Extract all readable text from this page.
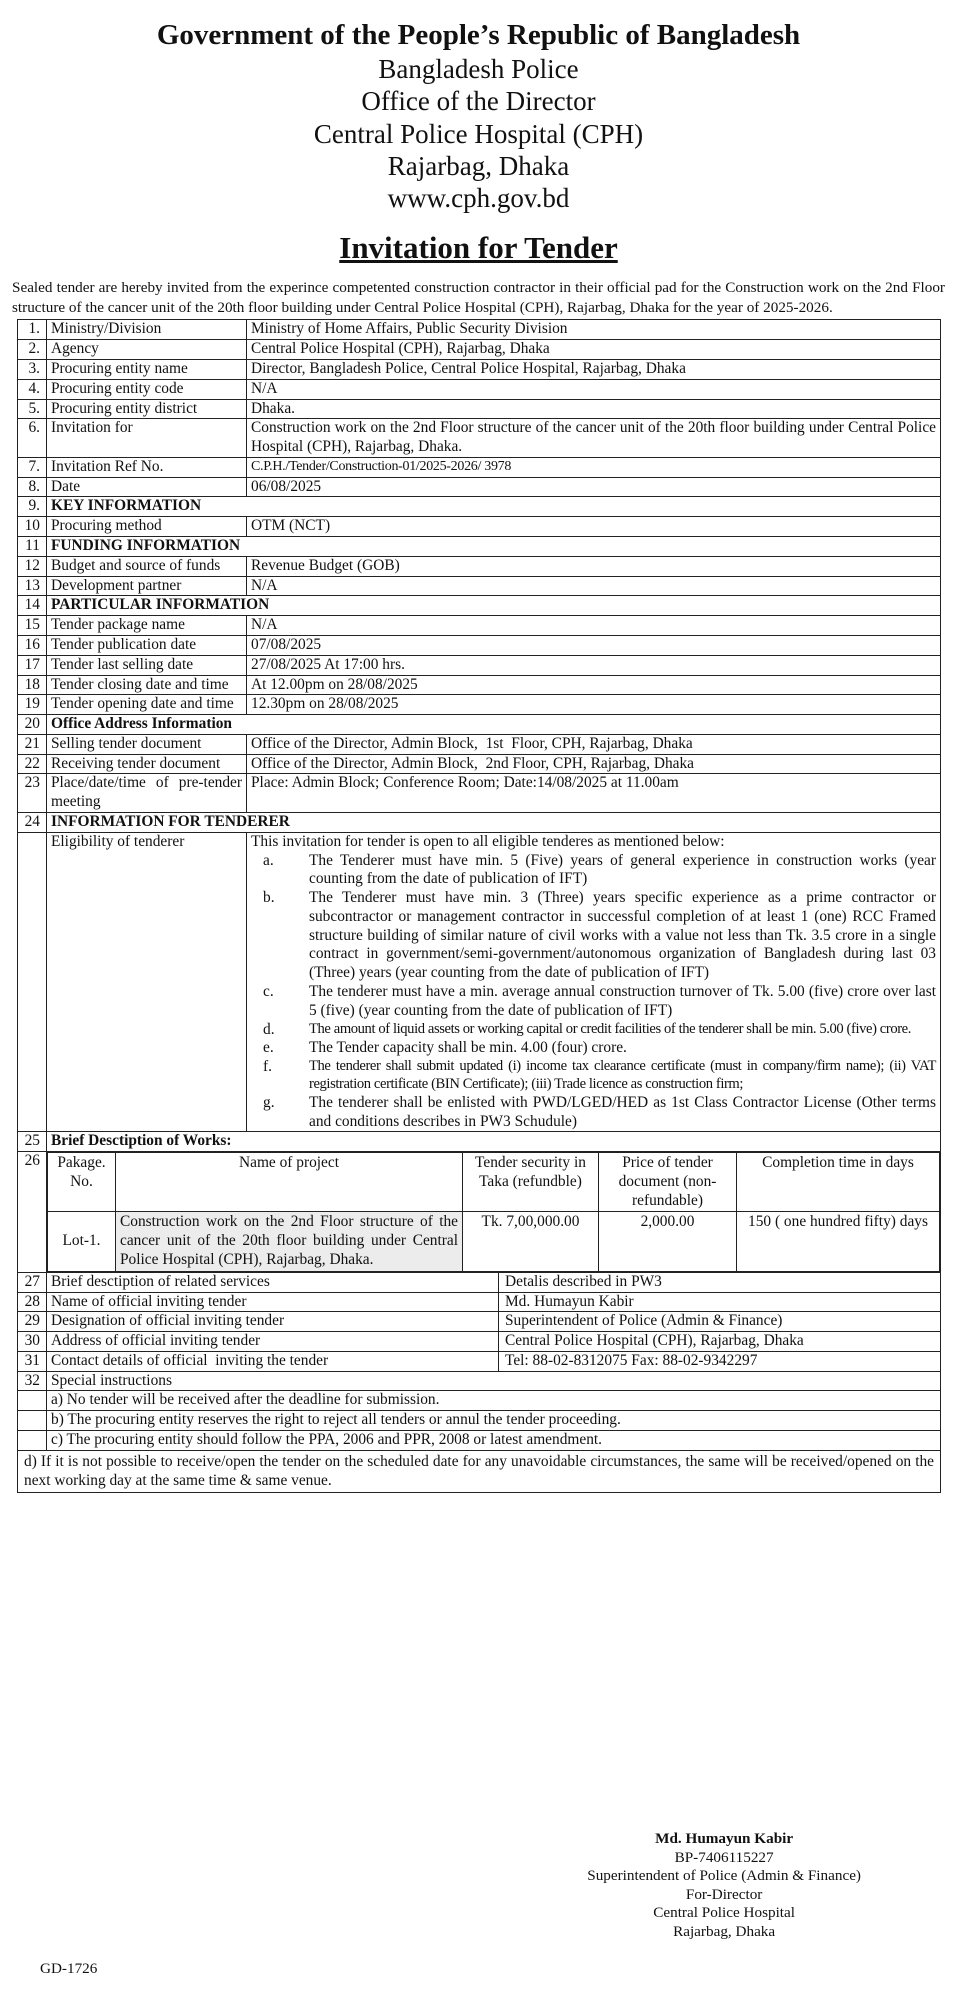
Government of the People’s Republic of Bangladesh
Bangladesh Police
Office of the Director
Central Police Hospital (CPH)
Rajarbag, Dhaka
www.cph.gov.bd
Invitation for Tender
Sealed tender are hereby invited from the experince competented construction contractor in their official pad for the Construction work on the 2nd Floor structure of the cancer unit of the 20th floor building under Central Police Hospital (CPH), Rajarbag, Dhaka for the year of 2025-2026.
1.	Ministry/Division	Ministry of Home Affairs, Public Security Division
2.	Agency	Central Police Hospital (CPH), Rajarbag, Dhaka
3.	Procuring entity name	Director, Bangladesh Police, Central Police Hospital, Rajarbag, Dhaka
4.	Procuring entity code	N/A
5.	Procuring entity district	Dhaka.
6.	Invitation for	Construction work on the 2nd Floor structure of the cancer unit of the 20th floor building under Central Police Hospital (CPH), Rajarbag, Dhaka.
7.	Invitation Ref No.	C.P.H./Tender/Construction-01/2025-2026/ 3978
8.	Date	06/08/2025
9.	KEY INFORMATION
10	Procuring method	OTM (NCT)
11	FUNDING INFORMATION
12	Budget and source of funds	Revenue Budget (GOB)
13	Development partner	N/A
14	PARTICULAR INFORMATION
15	Tender package name	N/A
16	Tender publication date	07/08/2025
17	Tender last selling date	27/08/2025 At 17:00 hrs.
18	Tender closing date and time	At 12.00pm on 28/08/2025
19	Tender opening date and time	12.30pm on 28/08/2025
20	Office Address Information
21	Selling tender document	Office of the Director, Admin Block,  1st  Floor, CPH, Rajarbag, Dhaka
22	Receiving tender document	Office of the Director, Admin Block,  2nd Floor, CPH, Rajarbag, Dhaka
23	Place/date/time of pre-tender meeting	Place: Admin Block; Conference Room; Date:14/08/2025 at 11.00am
24	INFORMATION FOR TENDERER
	Eligibility of tenderer	This invitation for tender is open to all eligible tenderes as mentioned below:
a.	The Tenderer must have min. 5 (Five) years of general experience in construction works (year counting from the date of publication of IFT)
b.	The Tenderer must have min. 3 (Three) years specific experience as a prime contractor or subcontractor or management contractor in successful completion of at least 1 (one) RCC Framed structure building of similar nature of civil works with a value not less than Tk. 3.5 crore in a single contract in government/semi-government/autonomous organization of Bangladesh during last 03 (Three) years (year counting from the date of publication of IFT)
c.	The tenderer must have a min. average annual construction turnover of Tk. 5.00 (five) crore over last 5 (five) (year counting from the date of publication of IFT)
d.	The amount of liquid assets or working capital or credit facilities of the tenderer shall be min. 5.00 (five) crore.
e.	The Tender capacity shall be min. 4.00 (four) crore.
f.	The tenderer shall submit updated (i) income tax clearance certificate (must in company/firm name); (ii) VAT registration certificate (BIN Certificate); (iii) Trade licence as construction firm;
g.	The tenderer shall be enlisted with PWD/LGED/HED as 1st Class Contractor License (Other terms and conditions describes in PW3 Schudule)

25	Brief Desctiption of Works:
26	Pakage. No.	Name of project	Tender security in Taka (refundble)	Price of tender document (non-refundable)	Completion time in days
Lot-1.	Construction work on the 2nd Floor structure of the cancer unit of the 20th floor building under Central Police Hospital (CPH), Rajarbag, Dhaka.	Tk. 7,00,000.00	2,000.00	150 ( one hundred fifty) days

27	Brief desctiption of related services	Detalis described in PW3

28	Name of official inviting tender	Md. Humayun Kabir

29	Designation of official inviting tender	Superintendent of Police (Admin & Finance)

30	Address of official inviting tender	Central Police Hospital (CPH), Rajarbag, Dhaka

31	Contact details of official  inviting the tender	Tel: 88-02-8312075 Fax: 88-02-9342297

32	Special instructions
	a) No tender will be received after the deadline for submission.
	b) The procuring entity reserves the right to reject all tenders or annul the tender proceeding.
	c) The procuring entity should follow the PPA, 2006 and PPR, 2008 or latest amendment.
d) If it is not possible to receive/open the tender on the scheduled date for any unavoidable circumstances, the same will be received/opened on the next working day at the same time & same venue.
Md. Humayun Kabir
BP-7406115227
Superintendent of Police (Admin & Finance)
For-Director
Central Police Hospital
Rajarbag, Dhaka
GD-1726
